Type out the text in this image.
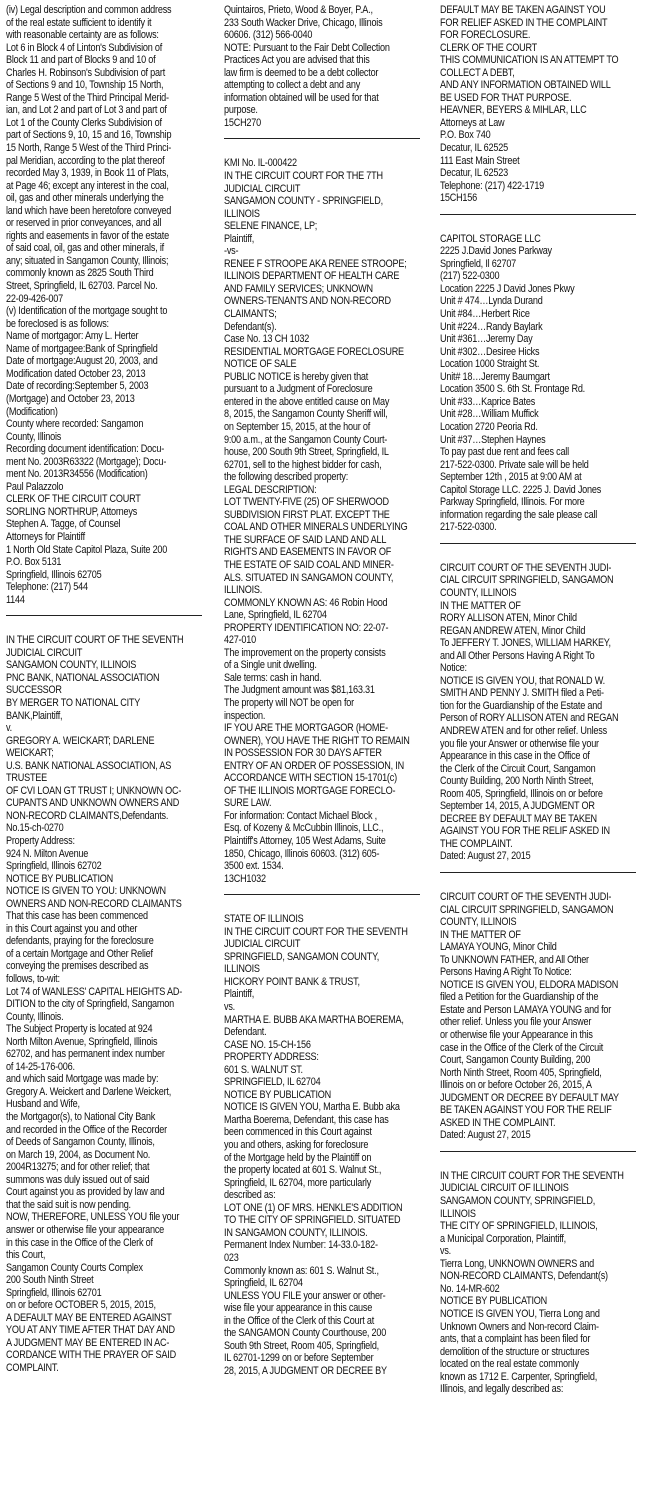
(iv) Legal description and common address
of the real estate sufficient to identify it
with reasonable certainty are as follows:
Lot 6 in Block 4 of Linton's Subdivision of
Block 11 and part of Blocks 9 and 10 of
Charles H. Robinson's Subdivision of part
of Sections 9 and 10, Township 15 North,
Range 5 West of the Third Principal Merid-
ian, and Lot 2 and part of Lot 3 and part of
Lot 1 of the County Clerks Subdivision of
part of Sections 9, 10, 15 and 16, Township
15 North, Range 5 West of the Third Princi-
pal Meridian, according to the plat thereof
recorded May 3, 1939, in Book 11 of Plats,
at Page 46; except any interest in the coal,
oil, gas and other minerals underlying the
land which have been heretofore conveyed
or reserved in prior conveyances, and all
rights and easements in favor of the estate
of said coal, oil, gas and other minerals, if
any; situated in Sangamon County, Illinois;
commonly known as 2825 South Third
Street, Springfield, IL 62703. Parcel No.
22-09-426-007
(v) Identification of the mortgage sought to
be foreclosed is as follows:
Name of mortgagor: Amy L. Herter
Name of mortgagee:Bank of Springfield
Date of mortgage:August 20, 2003, and
Modification dated October 23, 2013
Date of recording:September 5, 2003
(Mortgage) and October 23, 2013
(Modification)
County where recorded: Sangamon
County, Illinois
Recording document identification: Docu-
ment No. 2003R63322 (Mortgage); Docu-
ment No. 2013R34556 (Modification)
Paul Palazzolo
CLERK OF THE CIRCUIT COURT
SORLING NORTHRUP, Attorneys
Stephen A. Tagge, of Counsel
Attorneys for Plaintiff
1 North Old State Capitol Plaza, Suite 200
P.O. Box 5131
Springfield, Illinois 62705
Telephone: (217) 544
1144
IN THE CIRCUIT COURT OF THE SEVENTH
JUDICIAL CIRCUIT
SANGAMON COUNTY, ILLINOIS
PNC BANK, NATIONAL ASSOCIATION
SUCCESSOR
BY MERGER TO NATIONAL CITY
BANK,Plaintiff,
v.
GREGORY A. WEICKART; DARLENE
WEICKART;
U.S. BANK NATIONAL ASSOCIATION, AS
TRUSTEE
OF CVI LOAN GT TRUST I; UNKNOWN OC-
CUPANTS AND UNKNOWN OWNERS AND
NON-RECORD CLAIMANTS,Defendants.
No.15-ch-0270
Property Address:
924 N. Milton Avenue
Springfield, Illinois 62702
NOTICE BY PUBLICATION
NOTICE IS GIVEN TO YOU: UNKNOWN
OWNERS AND NON-RECORD CLAIMANTS
That this case has been commenced
in this Court against you and other
defendants, praying for the foreclosure
of a certain Mortgage and Other Relief
conveying the premises described as
follows, to-wit:
Lot 74 of WANLESS' CAPITAL HEIGHTS AD-
DITION to the city of Springfield, Sangamon
County, Illinois.
The Subject Property is located at 924
North Milton Avenue, Springfield, Illinois
62702, and has permanent index number
of 14-25-176-006.
and which said Mortgage was made by:
Gregory A. Weickert and Darlene Weickert,
Husband and Wife,
the Mortgagor(s), to National City Bank
and recorded in the Office of the Recorder
of Deeds of Sangamon County, Illinois,
on March 19, 2004, as Document No.
2004R13275; and for other relief; that
summons was duly issued out of said
Court against you as provided by law and
that the said suit is now pending.
NOW, THEREFORE, UNLESS YOU file your
answer or otherwise file your appearance
in this case in the Office of the Clerk of
this Court,
Sangamon County Courts Complex
200 South Ninth Street
Springfield, Illinois 62701
on or before OCTOBER 5, 2015, 2015,
A DEFAULT MAY BE ENTERED AGAINST
YOU AT ANY TIME AFTER THAT DAY AND
A JUDGMENT MAY BE ENTERED IN AC-
CORDANCE WITH THE PRAYER OF SAID
COMPLAINT.
Quintairos, Prieto, Wood & Boyer, P.A.,
233 South Wacker Drive, Chicago, Illinois
60606. (312) 566-0040
NOTE: Pursuant to the Fair Debt Collection
Practices Act you are advised that this
law firm is deemed to be a debt collector
attempting to collect a debt and any
information obtained will be used for that
purpose.
15CH270
KMI No. IL-000422
IN THE CIRCUIT COURT FOR THE 7TH
JUDICIAL CIRCUIT
SANGAMON COUNTY - SPRINGFIELD,
ILLINOIS
SELENE FINANCE, LP;
Plaintiff,
-vs-
RENEE F STROOPE AKA RENEE STROOPE;
ILLINOIS DEPARTMENT OF HEALTH CARE
AND FAMILY SERVICES; UNKNOWN
OWNERS-TENANTS AND NON-RECORD
CLAIMANTS;
Defendant(s).
Case No. 13 CH 1032
RESIDENTIAL MORTGAGE FORECLOSURE
NOTICE OF SALE
PUBLIC NOTICE is hereby given that
pursuant to a Judgment of Foreclosure
entered in the above entitled cause on May
8, 2015, the Sangamon County Sheriff will,
on September 15, 2015, at the hour of
9:00 a.m., at the Sangamon County Court-
house, 200 South 9th Street, Springfield, IL
62701, sell to the highest bidder for cash,
the following described property:
LEGAL DESCRIPTION:
LOT TWENTY-FIVE (25) OF SHERWOOD
SUBDIVISION FIRST PLAT. EXCEPT THE
COAL AND OTHER MINERALS UNDERLYING
THE SURFACE OF SAID LAND AND ALL
RIGHTS AND EASEMENTS IN FAVOR OF
THE ESTATE OF SAID COAL AND MINER-
ALS. SITUATED IN SANGAMON COUNTY,
ILLINOIS.
COMMONLY KNOWN AS: 46 Robin Hood
Lane, Springfield, IL 62704
PROPERTY IDENTIFICATION NO: 22-07-
427-010
The improvement on the property consists
of a Single unit dwelling.
Sale terms: cash in hand.
The Judgment amount was $81,163.31
The property will NOT be open for
inspection.
IF YOU ARE THE MORTGAGOR (HOME-
OWNER), YOU HAVE THE RIGHT TO REMAIN
IN POSSESSION FOR 30 DAYS AFTER
ENTRY OF AN ORDER OF POSSESSION, IN
ACCORDANCE WITH SECTION 15-1701(c)
OF THE ILLINOIS MORTGAGE FORECLO-
SURE LAW.
For information: Contact Michael Block ,
Esq. of Kozeny & McCubbin Illinois, LLC.,
Plaintiff's Attorney, 105 West Adams, Suite
1850, Chicago, Illinois 60603. (312) 605-
3500 ext. 1534.
13CH1032
STATE OF ILLINOIS
IN THE CIRCUIT COURT FOR THE SEVENTH
JUDICIAL CIRCUIT
SPRINGFIELD, SANGAMON COUNTY,
ILLINOIS
HICKORY POINT BANK & TRUST,
Plaintiff,
vs.
MARTHA E. BUBB AKA MARTHA BOEREMA,
Defendant.
CASE NO. 15-CH-156
PROPERTY ADDRESS:
601 S. WALNUT ST.
SPRINGFIELD, IL 62704
NOTICE BY PUBLICATION
NOTICE IS GIVEN YOU, Martha E. Bubb aka
Martha Boerema, Defendant, this case has
been commenced in this Court against
you and others, asking for foreclosure
of the Mortgage held by the Plaintiff on
the property located at 601 S. Walnut St.,
Springfield, IL 62704, more particularly
described as:
LOT ONE (1) OF MRS. HENKLE'S ADDITION
TO THE CITY OF SPRINGFIELD. SITUATED
IN SANGAMON COUNTY, ILLINOIS.
Permanent Index Number: 14-33.0-182-
023
Commonly known as: 601 S. Walnut St.,
Springfield, IL 62704
UNLESS YOU FILE your answer or other-
wise file your appearance in this cause
in the Office of the Clerk of this Court at
the SANGAMON County Courthouse, 200
South 9th Street, Room 405, Springfield,
IL 62701-1299 on or before September
28, 2015, A JUDGMENT OR DECREE BY
DEFAULT MAY BE TAKEN AGAINST YOU
FOR RELIEF ASKED IN THE COMPLAINT
FOR FORECLOSURE.
CLERK OF THE COURT
THIS COMMUNICATION IS AN ATTEMPT TO
COLLECT A DEBT,
AND ANY INFORMATION OBTAINED WILL
BE USED FOR THAT PURPOSE.
HEAVNER, BEYERS & MIHLAR, LLC
Attorneys at Law
P.O. Box 740
Decatur, IL 62525
111 East Main Street
Decatur, IL 62523
Telephone: (217) 422-1719
15CH156
CAPITOL STORAGE LLC
2225 J.David Jones Parkway
Springfield, Il 62707
(217) 522-0300
Location 2225 J David Jones Pkwy
Unit # 474…Lynda Durand
Unit #84…Herbert Rice
Unit #224…Randy Baylark
Unit #361…Jeremy Day
Unit #302…Desiree Hicks
Location 1000 Straight St.
Unit# 18…Jeremy Baumgart
Location 3500 S. 6th St. Frontage Rd.
Unit #33…Kaprice Bates
Unit #28…William Muffick
Location 2720 Peoria Rd.
Unit #37…Stephen Haynes
To pay past due rent and fees call
217-522-0300. Private sale will be held
September 12th , 2015 at 9:00 AM at
Capitol Storage LLC. 2225 J. David Jones
Parkway Springfield, Illinois. For more
information regarding the sale please call
217-522-0300.
CIRCUIT COURT OF THE SEVENTH JUDI-
CIAL CIRCUIT SPRINGFIELD, SANGAMON
COUNTY, ILLINOIS
IN THE MATTER OF
RORY ALLISON ATEN, Minor Child
REGAN ANDREW ATEN, Minor Child
To JEFFERY T. JONES, WILLIAM HARKEY,
and All Other Persons Having A Right To
Notice:
NOTICE IS GIVEN YOU, that RONALD W.
SMITH AND PENNY J. SMITH filed a Peti-
tion for the Guardianship of the Estate and
Person of RORY ALLISON ATEN and REGAN
ANDREW ATEN and for other relief. Unless
you file your Answer or otherwise file your
Appearance in this case in the Office of
the Clerk of the Circuit Court, Sangamon
County Building, 200 North Ninth Street,
Room 405, Springfield, Illinois on or before
September 14, 2015, A JUDGMENT OR
DECREE BY DEFAULT MAY BE TAKEN
AGAINST YOU FOR THE RELIF ASKED IN
THE COMPLAINT.
Dated: August 27, 2015
CIRCUIT COURT OF THE SEVENTH JUDI-
CIAL CIRCUIT SPRINGFIELD, SANGAMON
COUNTY, ILLINOIS
IN THE MATTER OF
LAMAYA YOUNG, Minor Child
To UNKNOWN FATHER, and All Other
Persons Having A Right To Notice:
NOTICE IS GIVEN YOU, ELDORA MADISON
filed a Petition for the Guardianship of the
Estate and Person LAMAYA YOUNG and for
other relief. Unless you file your Answer
or otherwise file your Appearance in this
case in the Office of the Clerk of the Circuit
Court, Sangamon County Building, 200
North Ninth Street, Room 405, Springfield,
Illinois on or before October 26, 2015, A
JUDGMENT OR DECREE BY DEFAULT MAY
BE TAKEN AGAINST YOU FOR THE RELIF
ASKED IN THE COMPLAINT.
Dated: August 27, 2015
IN THE CIRCUIT COURT FOR THE SEVENTH
JUDICIAL CIRCUIT OF ILLINOIS
SANGAMON COUNTY, SPRINGFIELD,
ILLINOIS
THE CITY OF SPRINGFIELD, ILLINOIS,
a Municipal Corporation, Plaintiff,
vs.
Tierra Long, UNKNOWN OWNERS and
NON-RECORD CLAIMANTS, Defendant(s)
No. 14-MR-602
NOTICE BY PUBLICATION
NOTICE IS GIVEN YOU, Tierra Long and
Unknown Owners and Non-record Claim-
ants, that a complaint has been filed for
demolition of the structure or structures
located on the real estate commonly
known as 1712 E. Carpenter, Springfield,
Illinois, and legally described as:
